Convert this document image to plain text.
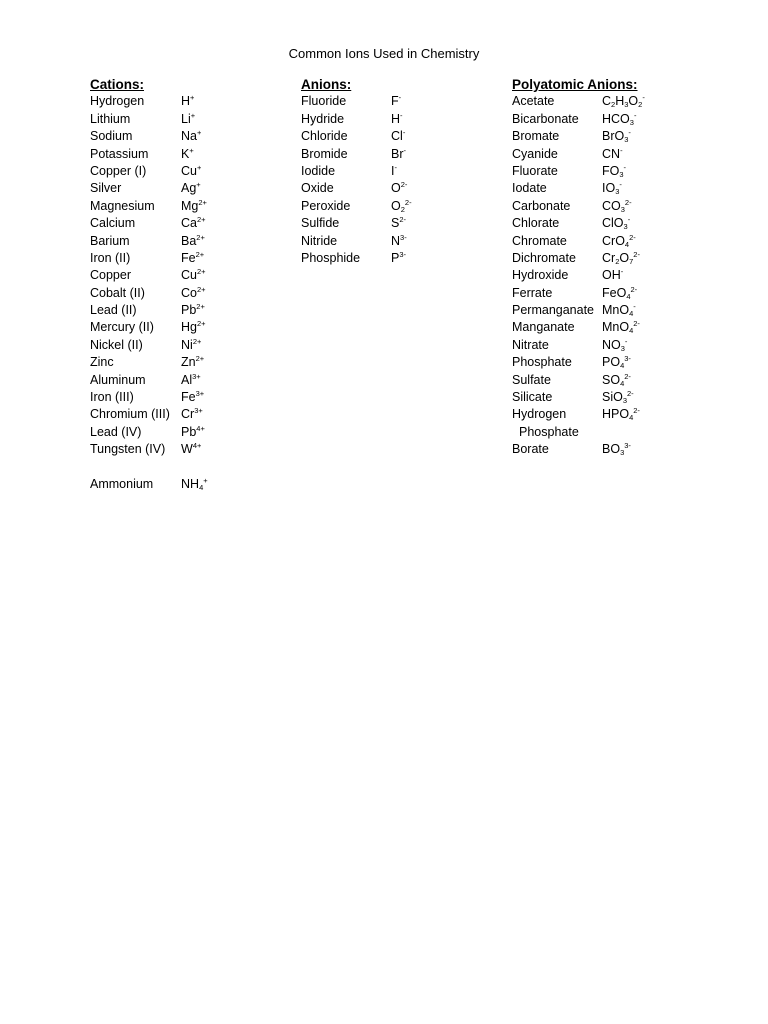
Common Ions Used in Chemistry
Cations:
Hydrogen	H+
Lithium	Li+
Sodium	Na+
Potassium	K+
Copper (I)	Cu+
Silver	Ag+
Magnesium $Mg^{2+}$
Calcium	$Ca^{2+}$
Barium	$Ba^{2+}$
Iron (II)	$Fe^{2+}$
Copper	$Cu^{2+}$
Cobalt (II)	$Co^{2+}$
Lead (II)	$Pb^{2+}$
Mercury (II) $Hg^{2+}$
Nickel (II)	$Ni^{2+}$
Zinc	$Zn^{2+}$
Aluminum	$Al^{3+}$
Iron (III)	$Fe^{3+}$
Chromium (III) $Cr^{3+}$
Lead (IV)	$Pb^{4+}$
Tungsten (IV) $W^{4+}$
Ammonium $NH_4^+$
Anions:
Fluoride	F-
Hydride	H-
Chloride	Cl-
Bromide	Br-
Iodide	I-
Oxide	$O^{2-}$
Peroxide	$O_2^{2-}$
Sulfide	$S^{2-}$
Nitride	$N^{3-}$
Phosphide $P^{3-}$
Polyatomic Anions:
Acetate	$C_2H_3O_2^-$
Bicarbonate $HCO_3^-$
Bromate	BrO$_3$-
Cyanide	CN-
Fluorate	$FO_3^-$
Iodate	$IO_3^-$
Carbonate	$CO_3^{2-}$
Chlorate	ClO$_3$-
Chromate	CrO$_4^{2-}$
Dichromate $Cr_2O_7^{2-}$
Hydroxide	OH-
Ferrate	FeO$_4^{2-}$
Permanganate MnO$_4$-
Manganate MnO$_4^{2-}$
Nitrate	$NO_3^-$
Phosphate $PO_4^{3-}$
Sulfate	$SO_4^{2-}$
Silicate	SiO$_3^{2-}$
Hydrogen	$HPO_4^{2-}$
Phosphate
Borate	$BO_3^{3-}$
